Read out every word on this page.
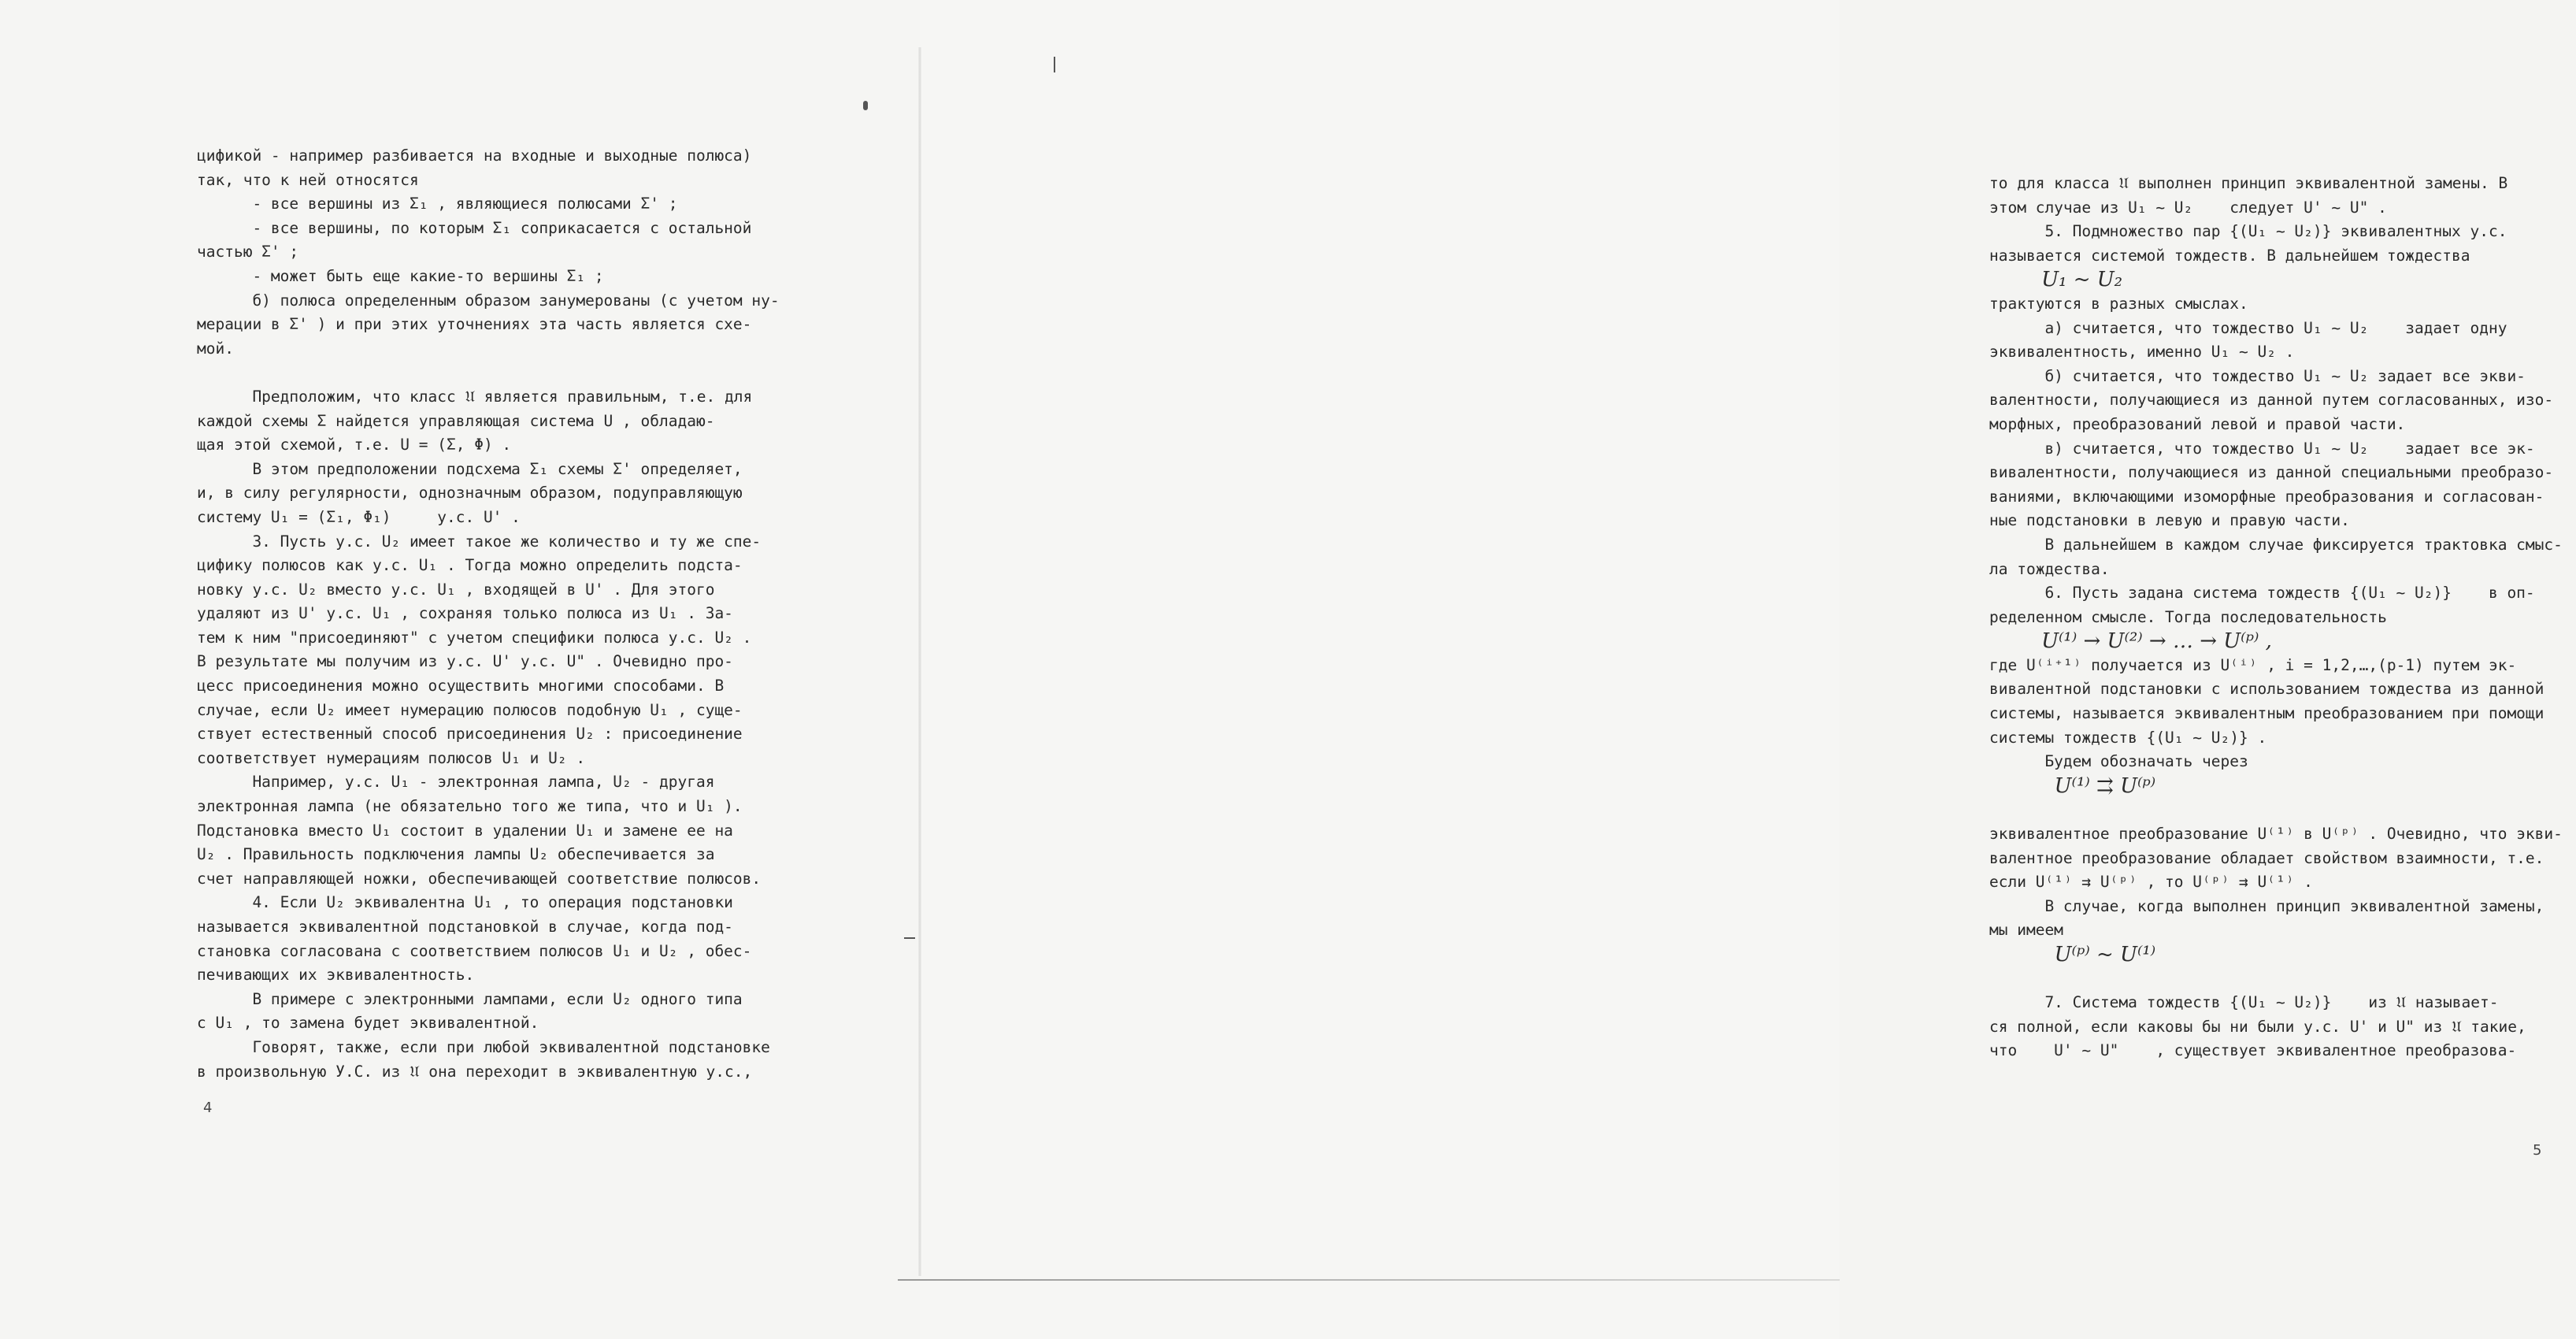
цификой - например разбивается на входные и выходные полюса)
так, что к ней относятся
- все вершины из Σ₁ , являющиеся полюсами Σ' ;
- все вершины, по которым Σ₁ соприкасается с остальной
частью Σ' ;
- может быть еще какие-то вершины Σ₁ ;
б) полюса определенным образом занумерованы (с учетом ну-
мерации в Σ' ) и при этих уточнениях эта часть является схе-
мой.
Предположим, что класс 𝔘 является правильным, т.е. для
каждой схемы Σ найдется управляющая система U , обладаю-
щая этой схемой, т.е. U = (Σ, Φ) .
В этом предположении подсхема Σ₁ схемы Σ' определяет,
и, в силу регулярности, однозначным образом, подуправляющую
систему U₁ = (Σ₁, Φ₁)     у.с. U' .
3. Пусть у.с. U₂ имеет такое же количество и ту же спе-
цифику полюсов как у.с. U₁ . Тогда можно определить подста-
новку у.с. U₂ вместо у.с. U₁ , входящей в U' . Для этого
удаляют из U' у.с. U₁ , сохраняя только полюса из U₁ . За-
тем к ним "присоединяют" с учетом специфики полюса у.с. U₂ .
В результате мы получим из у.с. U' у.с. U" . Очевидно про-
цесс присоединения можно осуществить многими способами. В
случае, если U₂ имеет нумерацию полюсов подобную U₁ , суще-
ствует естественный способ присоединения U₂ : присоединение
соответствует нумерациям полюсов U₁ и U₂ .
Например, у.с. U₁ - электронная лампа, U₂ - другая
электронная лампа (не обязательно того же типа, что и U₁ ).
Подстановка вместо U₁ состоит в удалении U₁ и замене ее на
U₂ . Правильность подключения лампы U₂ обеспечивается за
счет направляющей ножки, обеспечивающей соответствие полюсов.
4. Если U₂ эквивалентна U₁ , то операция подстановки
называется эквивалентной подстановкой в случае, когда под-
становка согласована с соответствием полюсов U₁ и U₂ , обес-
печивающих их эквивалентность.
В примере с электронными лампами, если U₂ одного типа
с U₁ , то замена будет эквивалентной.
Говорят, также, если при любой эквивалентной подстановке
в произвольную У.С. из 𝔘 она переходит в эквивалентную у.с.,
4
то для класса 𝔘 выполнен принцип эквивалентной замены. В
этом случае из U₁ ~ U₂    следует U' ~ U" .
5. Подмножество пар {(U₁ ~ U₂)} эквивалентных у.с.
называется системой тождеств. В дальнейшем тождества
U₁ ~ U₂
трактуются в разных смыслах.
а) считается, что тождество U₁ ~ U₂    задает одну
эквивалентность, именно U₁ ~ U₂ .
б) считается, что тождество U₁ ~ U₂ задает все экви-
валентности, получающиеся из данной путем согласованных, изо-
морфных, преобразований левой и правой части.
в) считается, что тождество U₁ ~ U₂    задает все эк-
вивалентности, получающиеся из данной специальными преобразо-
ваниями, включающими изоморфные преобразования и согласован-
ные подстановки в левую и правую части.
В дальнейшем в каждом случае фиксируется трактовка смыс-
ла тождества.
6. Пусть задана система тождеств {(U₁ ~ U₂)}    в оп-
ределенном смысле. Тогда последовательность
U⁽¹⁾ → U⁽²⁾ → … → U⁽ᵖ⁾ ,
где U⁽ⁱ⁺¹⁾ получается из U⁽ⁱ⁾ , i = 1,2,…,(p-1) путем эк-
вивалентной подстановки с использованием тождества из данной
системы, называется эквивалентным преобразованием при помощи
системы тождеств {(U₁ ~ U₂)} .
Будем обозначать через
U⁽¹⁾ ⇉ U⁽ᵖ⁾
эквивалентное преобразование U⁽¹⁾ в U⁽ᵖ⁾ . Очевидно, что экви-
валентное преобразование обладает свойством взаимности, т.е.
если U⁽¹⁾ ⇉ U⁽ᵖ⁾ , то U⁽ᵖ⁾ ⇉ U⁽¹⁾ .
В случае, когда выполнен принцип эквивалентной замены,
мы имеем
U⁽ᵖ⁾ ~ U⁽¹⁾
7. Система тождеств {(U₁ ~ U₂)}    из 𝔘 называет-
ся полной, если каковы бы ни были у.с. U' и U" из 𝔘 такие,
что    U' ~ U"    , существует эквивалентное преобразова-
5
